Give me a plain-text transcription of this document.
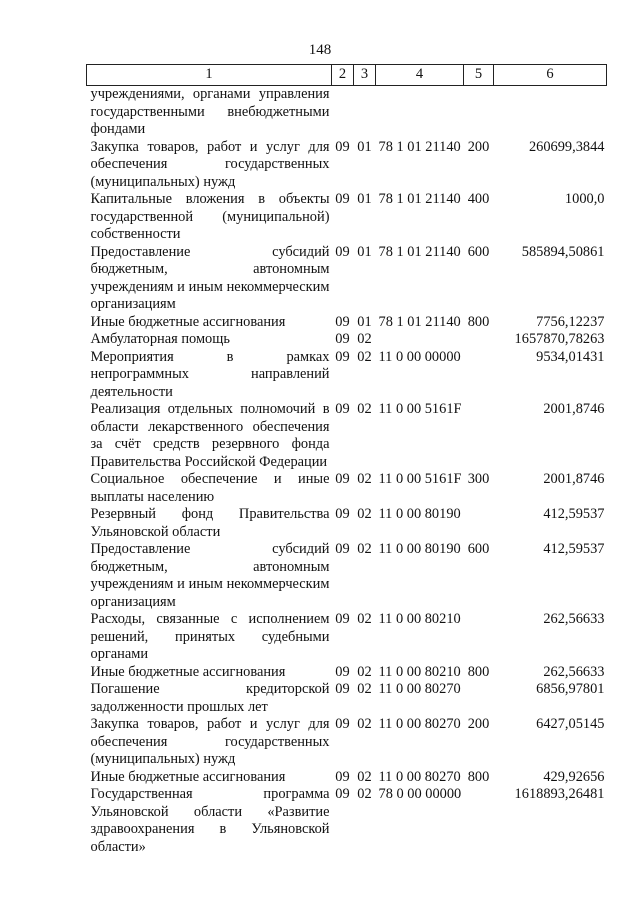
148
1	2	3	4	5	6
учреждениями, органами управления государственными внебюджетными фондами					
Закупка товаров, работ и услуг для обеспечения государственных (муниципальных) нужд	09	01	78 1 01 21140	200	260699,3844
Капитальные вложения в объекты государственной (муниципальной) собственности	09	01	78 1 01 21140	400	1000,0
Предоставление субсидий бюджетным, автономным учреждениям и иным некоммерческим организациям	09	01	78 1 01 21140	600	585894,50861
Иные бюджетные ассигнования	09	01	78 1 01 21140	800	7756,12237
Амбулаторная помощь	09	02			1657870,78263
Мероприятия в рамках непрограммных направлений деятельности	09	02	11 0 00 00000		9534,01431
Реализация отдельных полномочий в области лекарственного обеспечения за счёт средств резервного фонда Правительства Российской Федерации	09	02	11 0 00 5161F		2001,8746
Социальное обеспечение и иные выплаты населению	09	02	11 0 00 5161F	300	2001,8746
Резервный фонд Правительства Ульяновской области	09	02	11 0 00 80190		412,59537
Предоставление субсидий бюджетным, автономным учреждениям и иным некоммерческим организациям	09	02	11 0 00 80190	600	412,59537
Расходы, связанные с исполнением решений, принятых судебными органами	09	02	11 0 00 80210		262,56633
Иные бюджетные ассигнования	09	02	11 0 00 80210	800	262,56633
Погашение кредиторской задолженности прошлых лет	09	02	11 0 00 80270		6856,97801
Закупка товаров, работ и услуг для обеспечения государственных (муниципальных) нужд	09	02	11 0 00 80270	200	6427,05145
Иные бюджетные ассигнования	09	02	11 0 00 80270	800	429,92656
Государственная программа Ульяновской области «Развитие здравоохранения в Ульяновской области»	09	02	78 0 00 00000		1618893,26481
